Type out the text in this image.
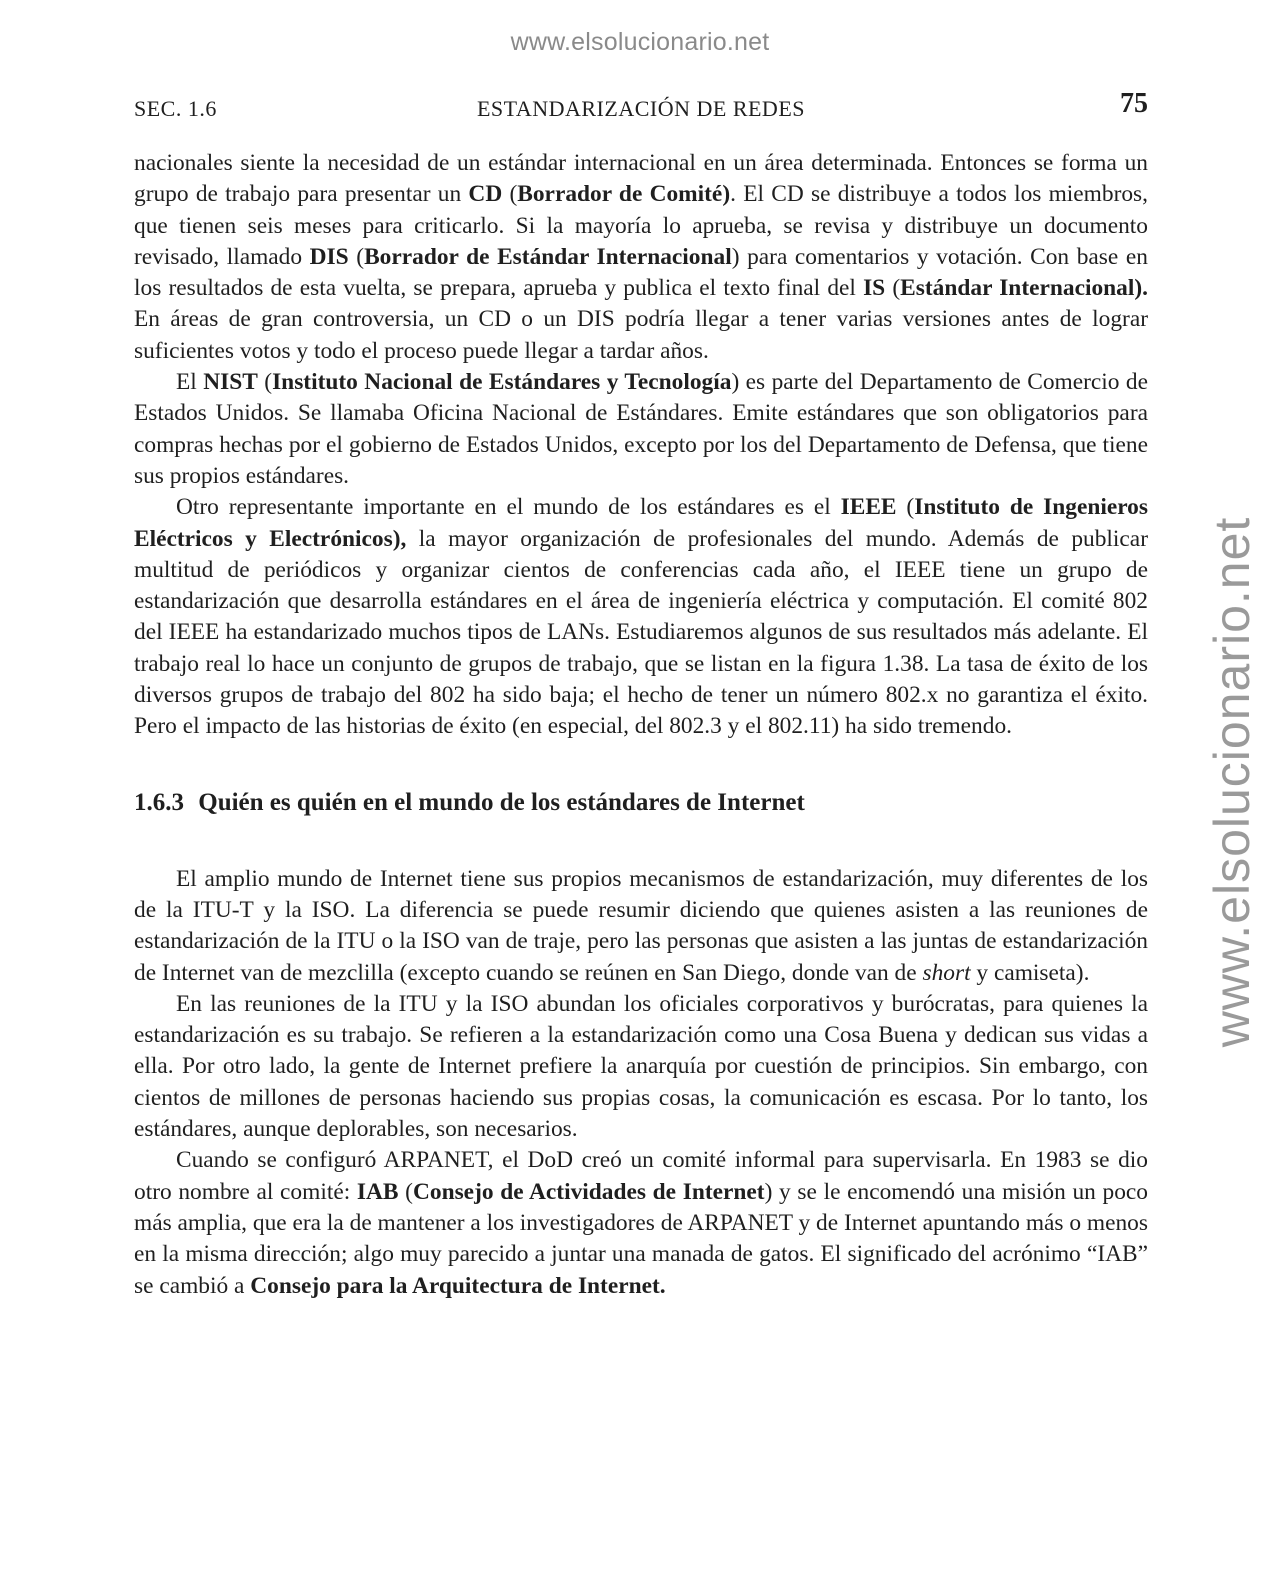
www.elsolucionario.net
www.elsolucionario.net
SEC. 1.6	ESTANDARIZACIÓN DE REDES	75

nacionales siente la necesidad de un estándar internacional en un área determinada. Entonces se forma un grupo de trabajo para presentar un CD (Borrador de Comité). El CD se distribuye a todos los miembros, que tienen seis meses para criticarlo. Si la mayoría lo aprueba, se revisa y distribuye un documento revisado, llamado DIS (Borrador de Estándar Internacional) para comentarios y votación. Con base en los resultados de esta vuelta, se prepara, aprueba y publica el texto final del IS (Estándar Internacional). En áreas de gran controversia, un CD o un DIS podría llegar a tener varias versiones antes de lograr suficientes votos y todo el proceso puede llegar a tardar años.

El NIST (Instituto Nacional de Estándares y Tecnología) es parte del Departamento de Comercio de Estados Unidos. Se llamaba Oficina Nacional de Estándares. Emite estándares que son obligatorios para compras hechas por el gobierno de Estados Unidos, excepto por los del Departamento de Defensa, que tiene sus propios estándares.

Otro representante importante en el mundo de los estándares es el IEEE (Instituto de Ingenieros Eléctricos y Electrónicos), la mayor organización de profesionales del mundo. Además de publicar multitud de periódicos y organizar cientos de conferencias cada año, el IEEE tiene un grupo de estandarización que desarrolla estándares en el área de ingeniería eléctrica y computación. El comité 802 del IEEE ha estandarizado muchos tipos de LANs. Estudiaremos algunos de sus resultados más adelante. El trabajo real lo hace un conjunto de grupos de trabajo, que se listan en la figura 1.38. La tasa de éxito de los diversos grupos de trabajo del 802 ha sido baja; el hecho de tener un número 802.x no garantiza el éxito. Pero el impacto de las historias de éxito (en especial, del 802.3 y el 802.11) ha sido tremendo.

1.6.3 Quién es quién en el mundo de los estándares de Internet

El amplio mundo de Internet tiene sus propios mecanismos de estandarización, muy diferentes de los de la ITU-T y la ISO. La diferencia se puede resumir diciendo que quienes asisten a las reuniones de estandarización de la ITU o la ISO van de traje, pero las personas que asisten a las juntas de estandarización de Internet van de mezclilla (excepto cuando se reúnen en San Diego, donde van de short y camiseta).

En las reuniones de la ITU y la ISO abundan los oficiales corporativos y burócratas, para quienes la estandarización es su trabajo. Se refieren a la estandarización como una Cosa Buena y dedican sus vidas a ella. Por otro lado, la gente de Internet prefiere la anarquía por cuestión de principios. Sin embargo, con cientos de millones de personas haciendo sus propias cosas, la comunicación es escasa. Por lo tanto, los estándares, aunque deplorables, son necesarios.

Cuando se configuró ARPANET, el DoD creó un comité informal para supervisarla. En 1983 se dio otro nombre al comité: IAB (Consejo de Actividades de Internet) y se le encomendó una misión un poco más amplia, que era la de mantener a los investigadores de ARPANET y de Internet apuntando más o menos en la misma dirección; algo muy parecido a juntar una manada de gatos. El significado del acrónimo “IAB” se cambió a Consejo para la Arquitectura de Internet.
